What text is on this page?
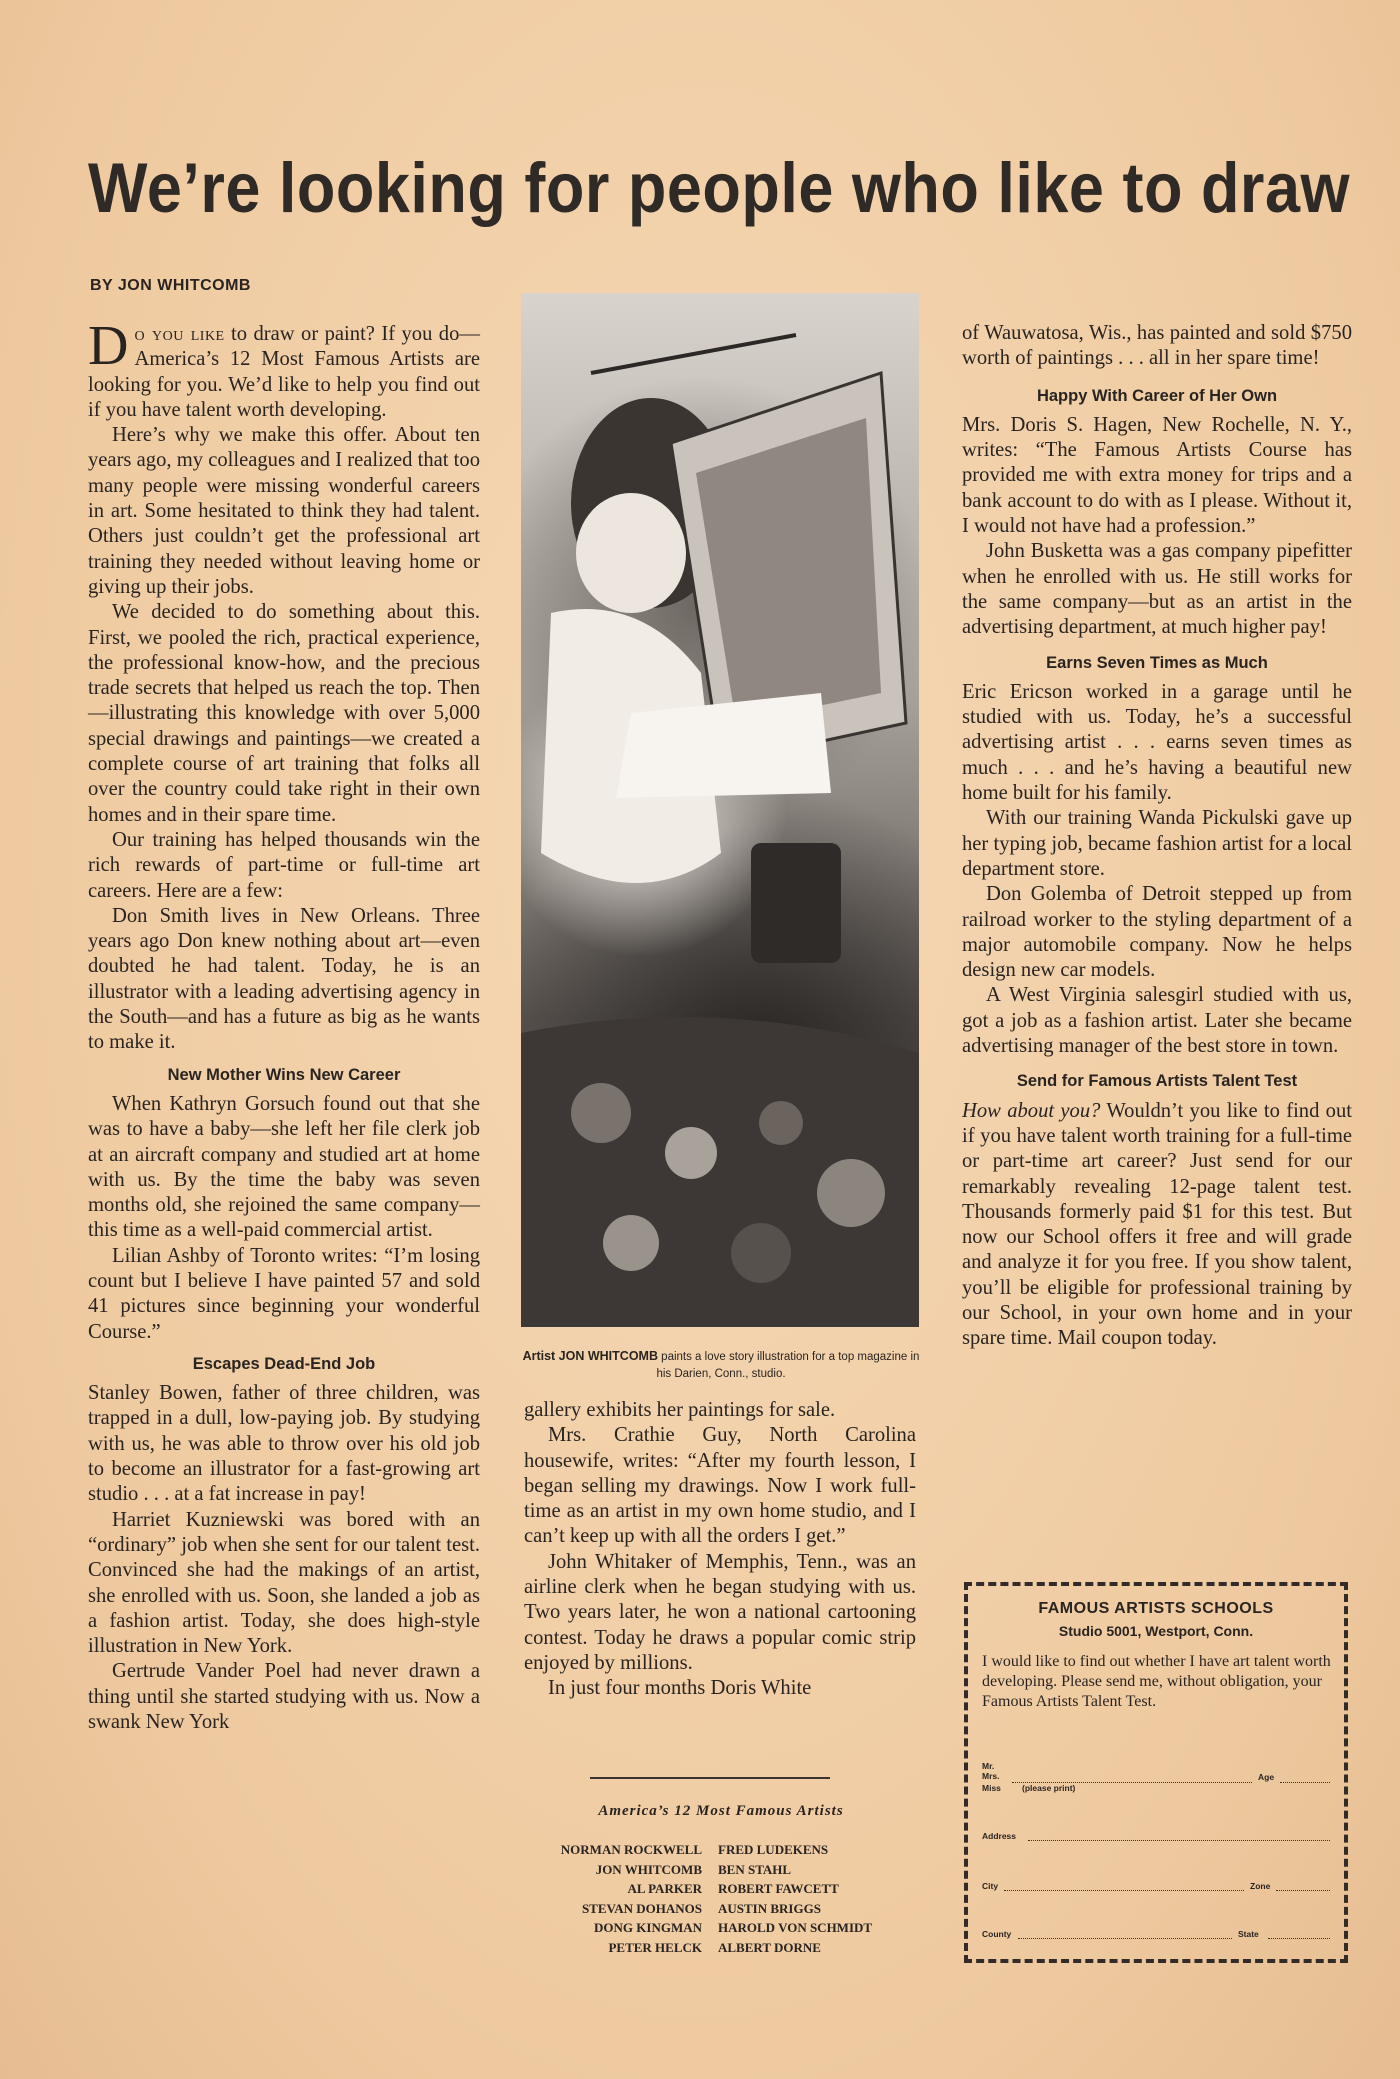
We’re looking for people who like to draw
BY JON WHITCOMB

Do you like to draw or paint? If you do—America’s 12 Most Famous Artists are looking for you. We’d like to help you find out if you have talent worth developing.

Here’s why we make this offer. About ten years ago, my colleagues and I realized that too many people were missing wonderful careers in art. Some hesitated to think they had talent. Others just couldn’t get the professional art training they needed without leaving home or giving up their jobs.

We decided to do something about this. First, we pooled the rich, practical experience, the professional know-how, and the precious trade secrets that helped us reach the top. Then—illustrating this knowledge with over 5,000 special drawings and paintings—we created a complete course of art training that folks all over the country could take right in their own homes and in their spare time.

Our training has helped thousands win the rich rewards of part-time or full-time art careers. Here are a few:

Don Smith lives in New Orleans. Three years ago Don knew nothing about art—even doubted he had talent. Today, he is an illustrator with a leading advertising agency in the South—and has a future as big as he wants to make it.

New Mother Wins New Career

When Kathryn Gorsuch found out that she was to have a baby—she left her file clerk job at an aircraft company and studied art at home with us. By the time the baby was seven months old, she rejoined the same company—this time as a well-paid commercial artist.

Lilian Ashby of Toronto writes: “I’m losing count but I believe I have painted 57 and sold 41 pictures since beginning your wonderful Course.”

Escapes Dead-End Job

Stanley Bowen, father of three children, was trapped in a dull, low-paying job. By studying with us, he was able to throw over his old job to become an illustrator for a fast-growing art studio . . . at a fat increase in pay!

Harriet Kuzniewski was bored with an “ordinary” job when she sent for our talent test. Convinced she had the makings of an artist, she enrolled with us. Soon, she landed a job as a fashion artist. Today, she does high-style illustration in New York.

Gertrude Vander Poel had never drawn a thing until she started studying with us. Now a swank New York

Artist JON WHITCOMB paints a love story illustration for a top magazine in his Darien, Conn., studio.

gallery exhibits her paintings for sale.

Mrs. Crathie Guy, North Carolina housewife, writes: “After my fourth lesson, I began selling my drawings. Now I work full-time as an artist in my own home studio, and I can’t keep up with all the orders I get.”

John Whitaker of Memphis, Tenn., was an airline clerk when he began studying with us. Two years later, he won a national cartooning contest. Today he draws a popular comic strip enjoyed by millions.

In just four months Doris White

America’s 12 Most Famous Artists
NORMAN ROCKWELL	FRED LUDEKENS
JON WHITCOMB	BEN STAHL
AL PARKER	ROBERT FAWCETT
STEVAN DOHANOS	AUSTIN BRIGGS
DONG KINGMAN	HAROLD VON SCHMIDT
PETER HELCK	ALBERT DORNE

of Wauwatosa, Wis., has painted and sold $750 worth of paintings . . . all in her spare time!

Happy With Career of Her Own

Mrs. Doris S. Hagen, New Rochelle, N. Y., writes: “The Famous Artists Course has provided me with extra money for trips and a bank account to do with as I please. Without it, I would not have had a profession.”

John Busketta was a gas company pipefitter when he enrolled with us. He still works for the same company—but as an artist in the advertising department, at much higher pay!

Earns Seven Times as Much

Eric Ericson worked in a garage until he studied with us. Today, he’s a successful advertising artist . . . earns seven times as much . . . and he’s having a beautiful new home built for his family.

With our training Wanda Pickulski gave up her typing job, became fashion artist for a local department store.

Don Golemba of Detroit stepped up from railroad worker to the styling department of a major automobile company. Now he helps design new car models.

A West Virginia salesgirl studied with us, got a job as a fashion artist. Later she became advertising manager of the best store in town.

Send for Famous Artists Talent Test

How about you? Wouldn’t you like to find out if you have talent worth training for a full-time or part-time art career? Just send for our remarkably revealing 12-page talent test. Thousands formerly paid $1 for this test. But now our School offers it free and will grade and analyze it for you free. If you show talent, you’ll be eligible for professional training by our School, in your own home and in your spare time. Mail coupon today.

FAMOUS ARTISTS SCHOOLS
Studio 5001, Westport, Conn.
I would like to find out whether I have art talent worth developing. Please send me, without obligation, your Famous Artists Talent Test.
Mr.
Mrs.	Age
Miss (please print)
Address
City	Zone
County	State
